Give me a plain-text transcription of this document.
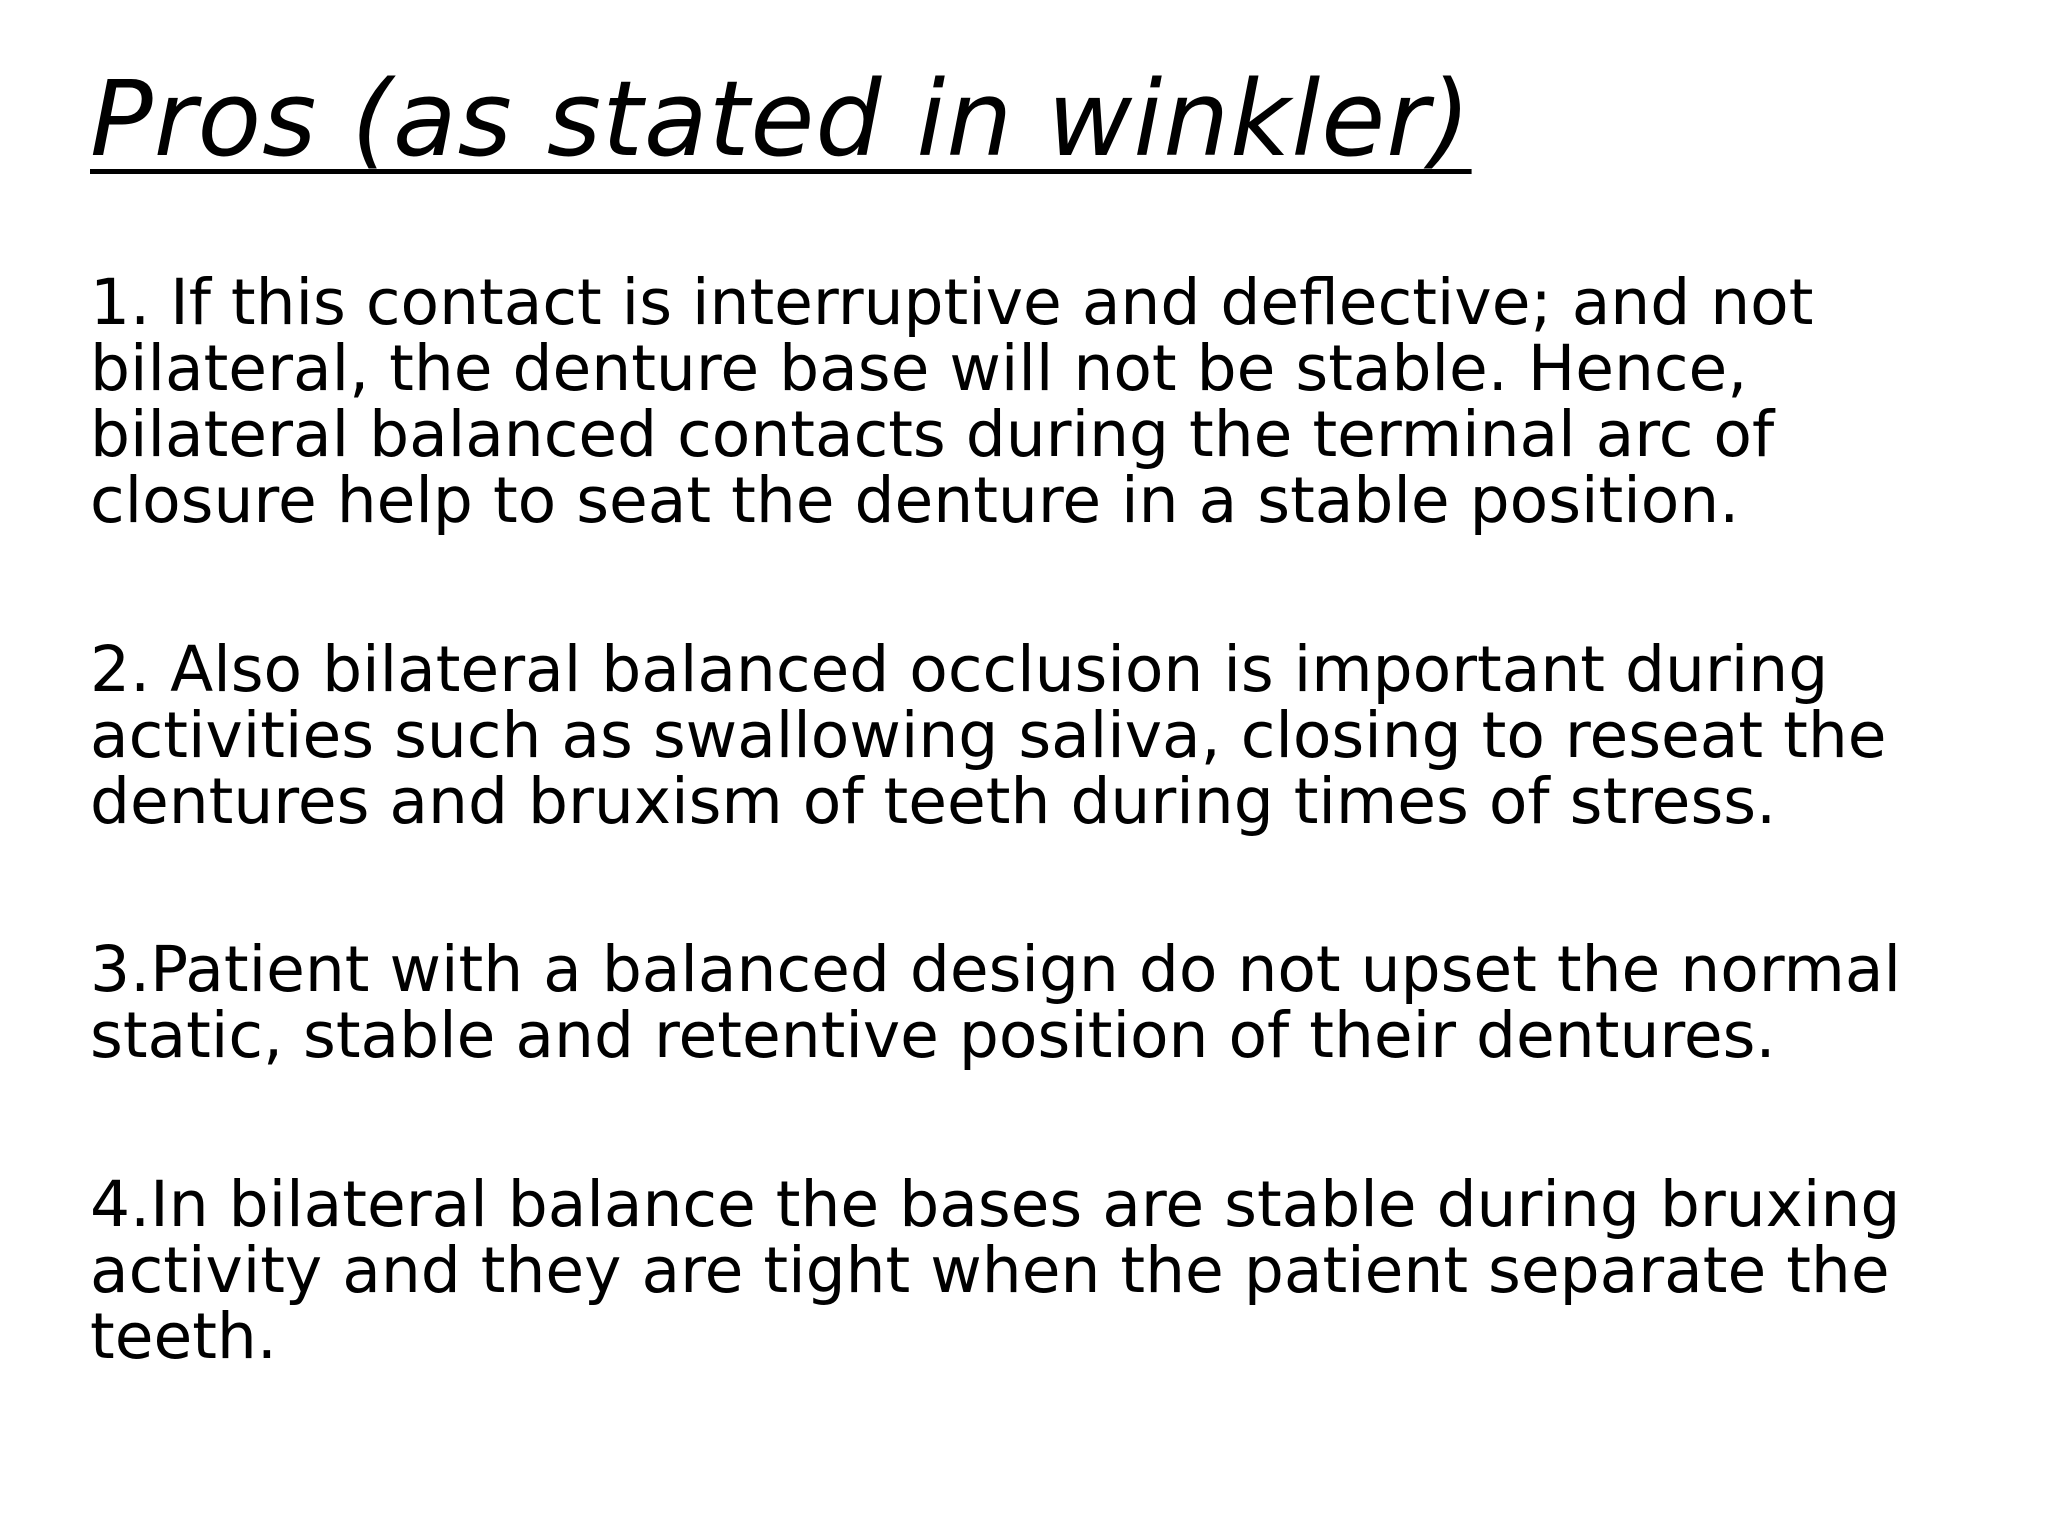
Pros (as stated in winkler)

1. If this contact is interruptive and deflective; and not bilateral, the denture base will not be stable. Hence, bilateral balanced contacts during the terminal arc of closure help to seat the denture in a stable position.

2. Also bilateral balanced occlusion is important during activities such as swallowing saliva, closing to reseat the dentures and bruxism of teeth during times of stress.

3.Patient with a balanced design do not upset the normal static, stable and retentive position of their dentures.

4.In bilateral balance the bases are stable during bruxing activity and they are tight when the patient separate the teeth.
